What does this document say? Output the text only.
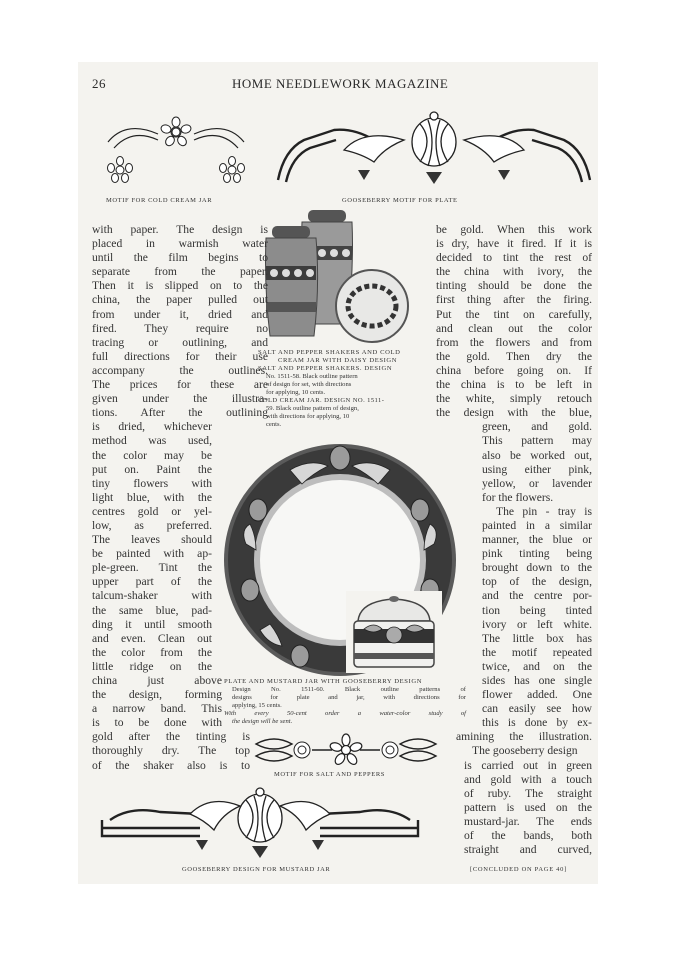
26	HOME NEEDLEWORK MAGAZINE
MOTIF FOR COLD CREAM JAR	GOOSEBERRY MOTIF FOR PLATE
SALT AND PEPPER SHAKERS AND COLD
CREAM JAR WITH DAISY DESIGN
SALT AND PEPPER SHAKERS. DESIGN
No. 1511-58. Black outline pattern
of design for set, with directions
for applying, 10 cents.
COLD CREAM JAR. DESIGN NO. 1511-
59. Black outline pattern of design,
with directions for applying, 10
cents.
PLATE AND MUSTARD JAR WITH GOOSEBERRY DESIGN
Design No. 1511-60. Black outline patterns of
designs for plate and jar, with directions for
applying, 15 cents.
With every 50-cent order a water-color study of
the design will be sent.
with paper. The design is
placed in warmish water
until the film begins to
separate from the paper.
Then it is slipped on to the
china, the paper pulled out
from under it, dried and
fired. They require no
tracing or outlining, and
full directions for their use
accompany the outlines.
The prices for these are
given under the illustra-
tions. After the outlining
is dried, whichever
method was used,
the color may be
put on. Paint the
tiny flowers with
light blue, with the
centres gold or yel-
low, as preferred.
The leaves should
be painted with ap-
ple-green. Tint the
upper part of the
talcum-shaker with
the same blue, pad-
ding it until smooth
and even. Clean out
the color from the
little ridge on the
china just above
the design, forming
a narrow band. This
is to be done with
gold after the tinting is
thoroughly dry. The top
of the shaker also is to
be gold. When this work
is dry, have it fired. If it is
decided to tint the rest of
the china with ivory, the
tinting should be done the
first thing after the firing.
Put the tint on carefully,
and clean out the color
from the flowers and from
the gold. Then dry the
china before going on. If
the china is to be left in
the white, simply retouch
the design with the blue,
green, and gold.
This pattern may
also be worked out,
using either pink,
yellow, or lavender
for the flowers.
The pin - tray is
painted in a similar
manner, the blue or
pink tinting being
brought down to the
top of the design,
and the centre por-
tion being tinted
ivory or left white.
The little box has
the motif repeated
twice, and on the
sides has one single
flower added. One
can easily see how
this is done by ex-
amining the illustration.
The gooseberry design
is carried out in green
and gold with a touch
of ruby. The straight
pattern is used on the
mustard-jar. The ends
of the bands, both
straight and curved,
MOTIF FOR SALT AND PEPPERS
GOOSEBERRY DESIGN FOR MUSTARD JAR	[CONCLUDED ON PAGE 40]
